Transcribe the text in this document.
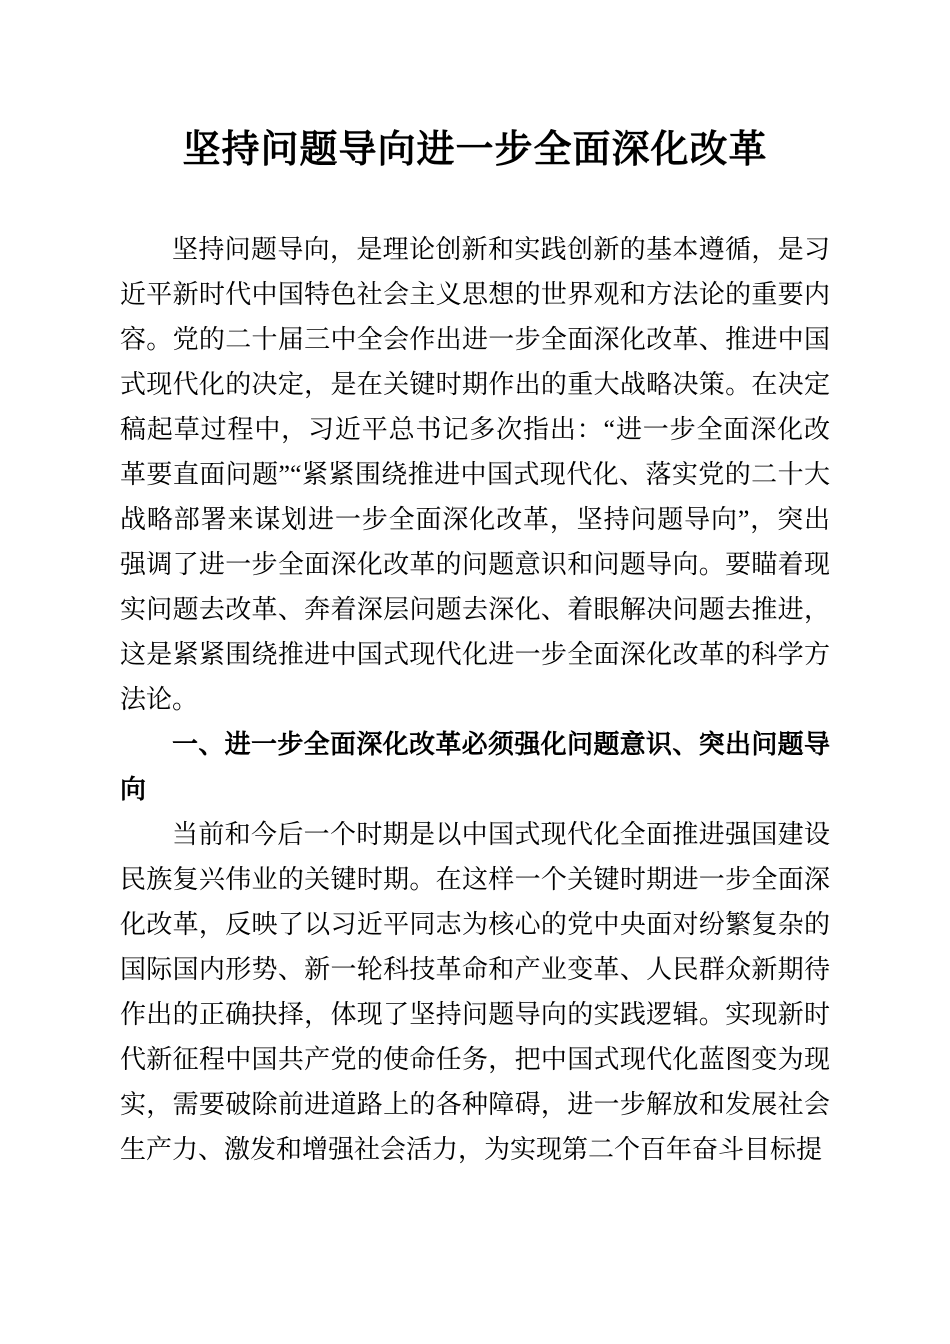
坚持问题导向进一步全面深化改革

坚持问题导向，是理论创新和实践创新的基本遵循，是习近平新时代中国特色社会主义思想的世界观和方法论的重要内容。党的二十届三中全会作出进一步全面深化改革、推进中国式现代化的决定，是在关键时期作出的重大战略决策。在决定稿起草过程中，习近平总书记多次指出：“进一步全面深化改革要直面问题”“紧紧围绕推进中国式现代化、落实党的二十大战略部署来谋划进一步全面深化改革，坚持问题导向”，突出强调了进一步全面深化改革的问题意识和问题导向。要瞄着现实问题去改革、奔着深层问题去深化、着眼解决问题去推进，这是紧紧围绕推进中国式现代化进一步全面深化改革的科学方法论。

一、进一步全面深化改革必须强化问题意识、突出问题导向

当前和今后一个时期是以中国式现代化全面推进强国建设民族复兴伟业的关键时期。在这样一个关键时期进一步全面深化改革，反映了以习近平同志为核心的党中央面对纷繁复杂的国际国内形势、新一轮科技革命和产业变革、人民群众新期待作出的正确抉择，体现了坚持问题导向的实践逻辑。实现新时代新征程中国共产党的使命任务，把中国式现代化蓝图变为现实，需要破除前进道路上的各种障碍，进一步解放和发展社会生产力、激发和增强社会活力，为实现第二个百年奋斗目标提
